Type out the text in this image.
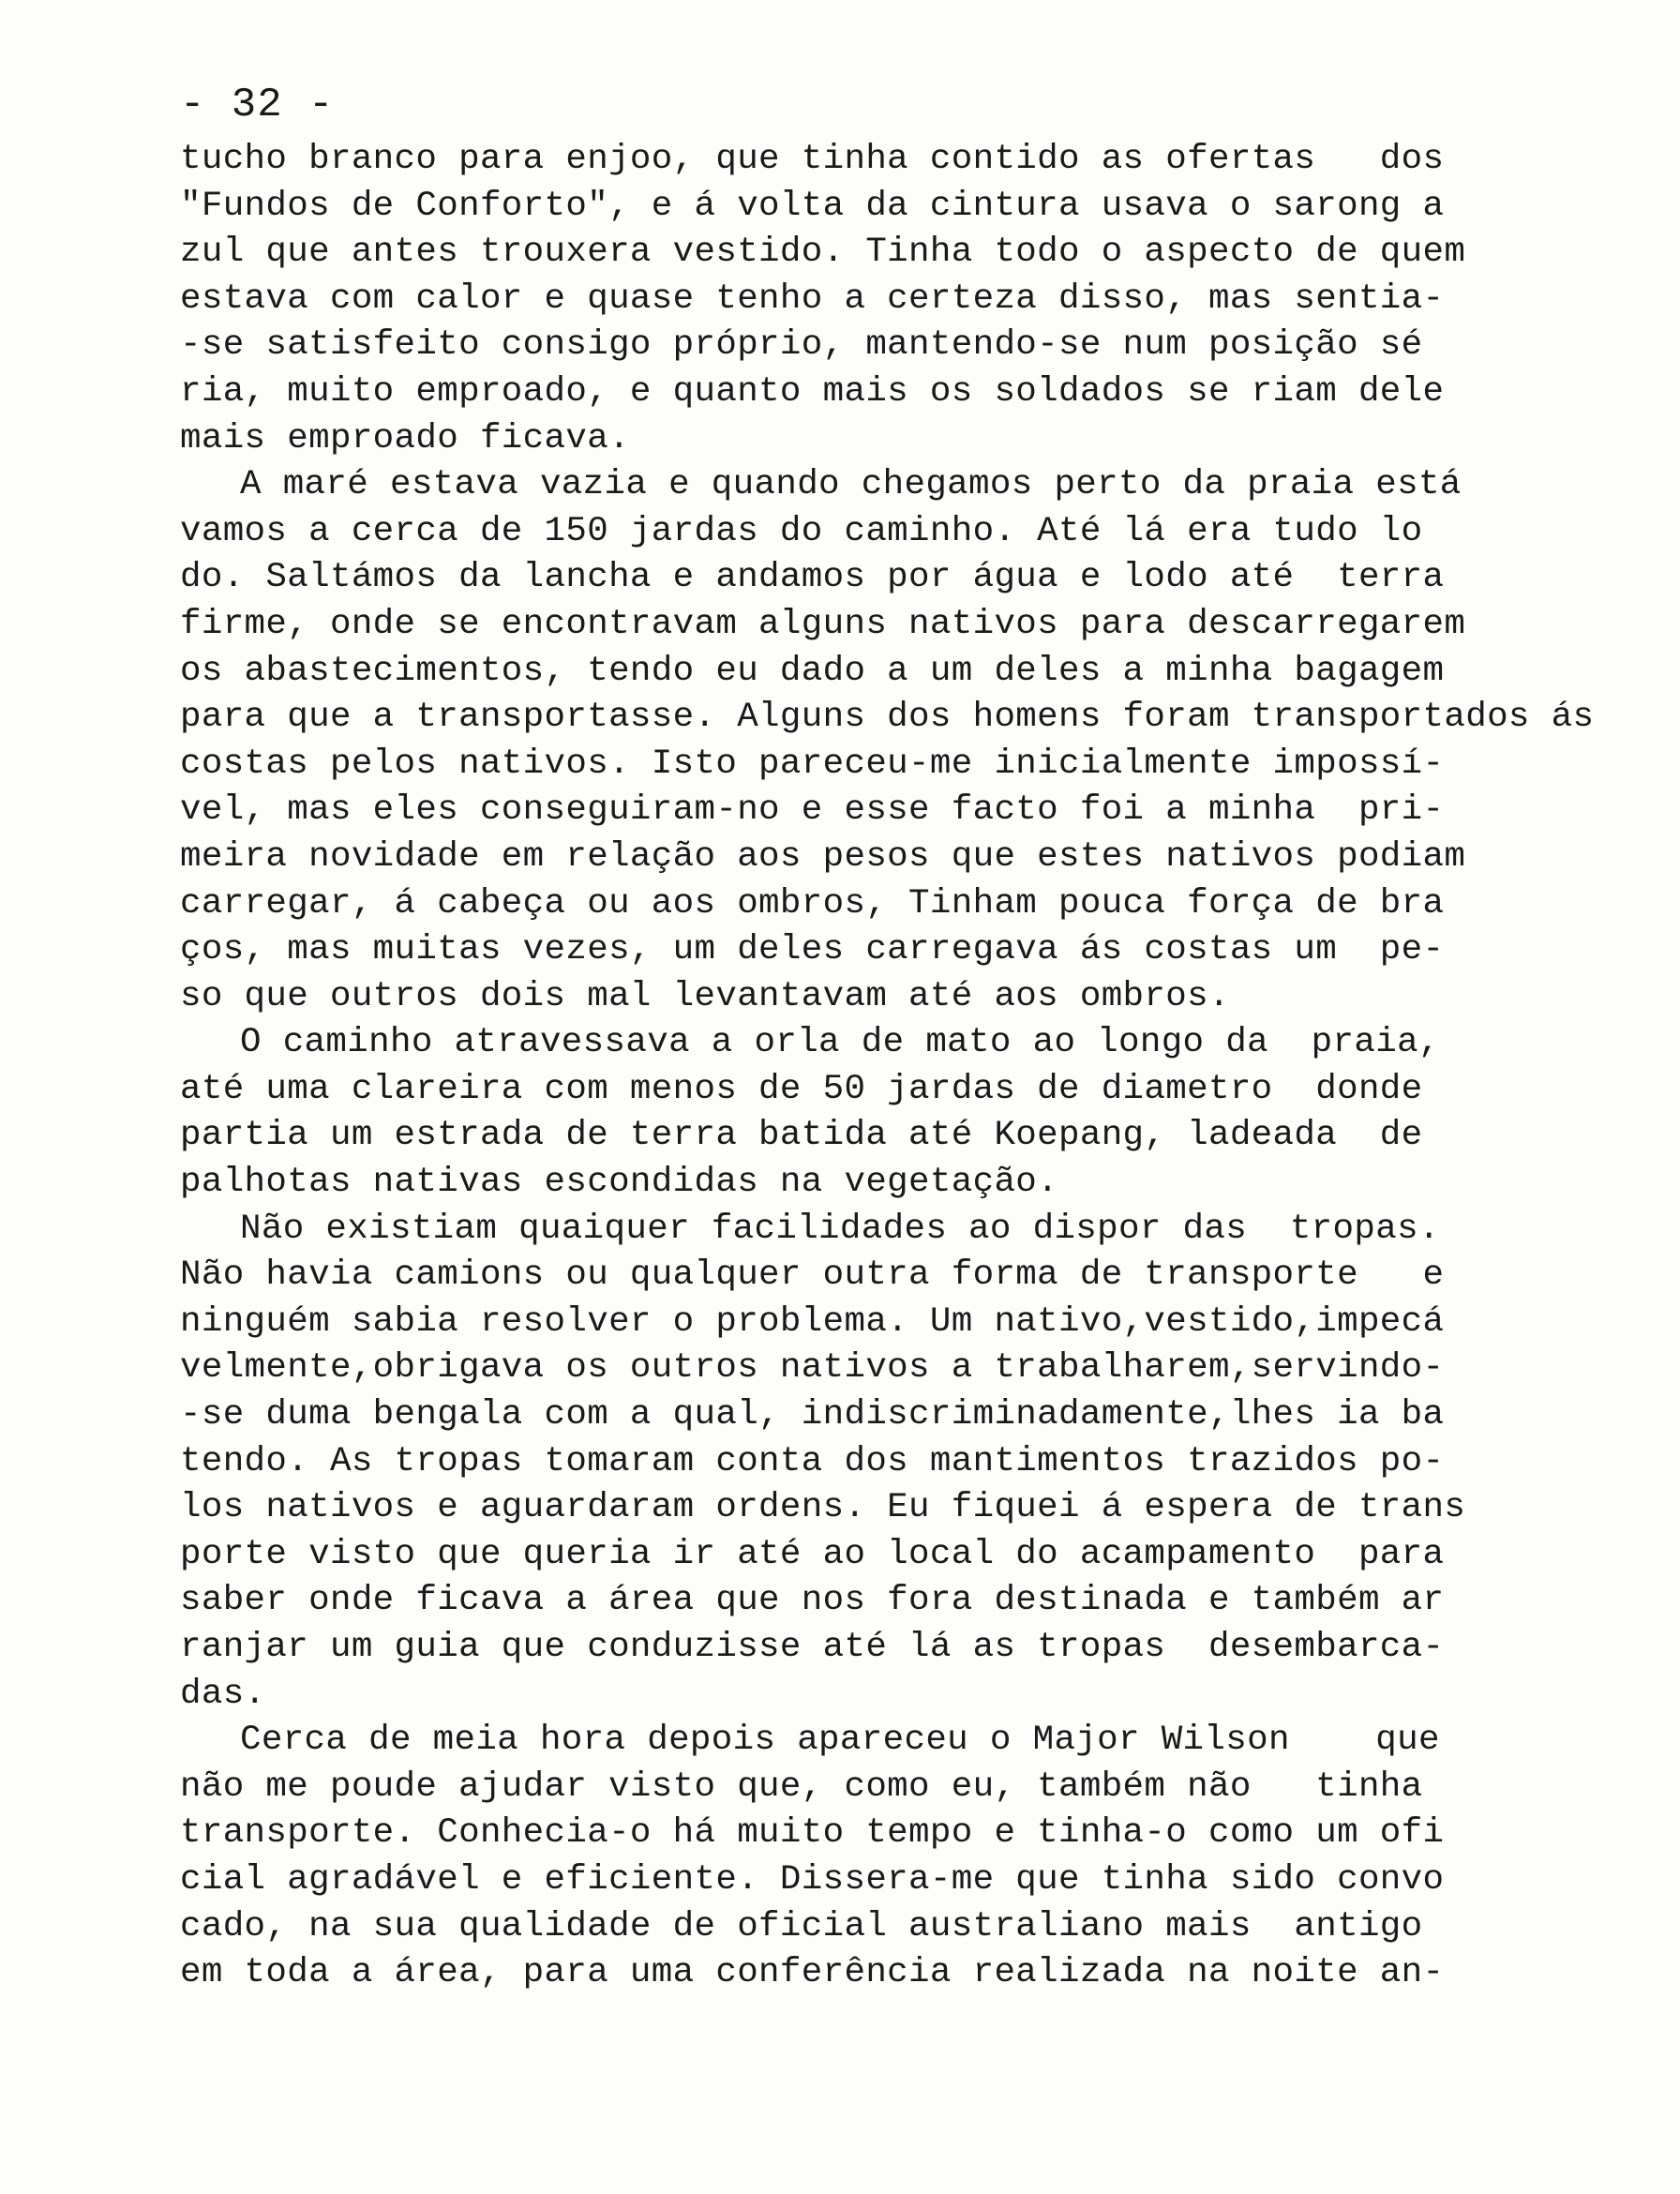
- 32 -

tucho branco para enjoo, que tinha contido as ofertas   dos
"Fundos de Conforto", e á volta da cintura usava o sarong a
zul que antes trouxera vestido. Tinha todo o aspecto de quem
estava com calor e quase tenho a certeza disso, mas sentia-
-se satisfeito consigo próprio, mantendo-se num posição sé
ria, muito emproado, e quanto mais os soldados se riam dele
mais emproado ficava.
A maré estava vazia e quando chegamos perto da praia está
vamos a cerca de 150 jardas do caminho. Até lá era tudo lo
do. Saltámos da lancha e andamos por água e lodo até  terra
firme, onde se encontravam alguns nativos para descarregarem
os abastecimentos, tendo eu dado a um deles a minha bagagem
para que a transportasse. Alguns dos homens foram transportados ás
costas pelos nativos. Isto pareceu-me inicialmente impossí-
vel, mas eles conseguiram-no e esse facto foi a minha  pri-
meira novidade em relação aos pesos que estes nativos podiam
carregar, á cabeça ou aos ombros, Tinham pouca força de bra
ços, mas muitas vezes, um deles carregava ás costas um  pe-
so que outros dois mal levantavam até aos ombros.
O caminho atravessava a orla de mato ao longo da  praia,
até uma clareira com menos de 50 jardas de diametro  donde
partia um estrada de terra batida até Koepang, ladeada  de
palhotas nativas escondidas na vegetação.
Não existiam quaiquer facilidades ao dispor das  tropas.
Não havia camions ou qualquer outra forma de transporte   e
ninguém sabia resolver o problema. Um nativo,vestido,impecá
velmente,obrigava os outros nativos a trabalharem,servindo-
-se duma bengala com a qual, indiscriminadamente,lhes ia ba
tendo. As tropas tomaram conta dos mantimentos trazidos po-
los nativos e aguardaram ordens. Eu fiquei á espera de trans
porte visto que queria ir até ao local do acampamento  para
saber onde ficava a área que nos fora destinada e também ar
ranjar um guia que conduzisse até lá as tropas  desembarca-
das.
Cerca de meia hora depois apareceu o Major Wilson    que
não me poude ajudar visto que, como eu, também não   tinha
transporte. Conhecia-o há muito tempo e tinha-o como um ofi
cial agradável e eficiente. Dissera-me que tinha sido convo
cado, na sua qualidade de oficial australiano mais  antigo
em toda a área, para uma conferência realizada na noite an-
